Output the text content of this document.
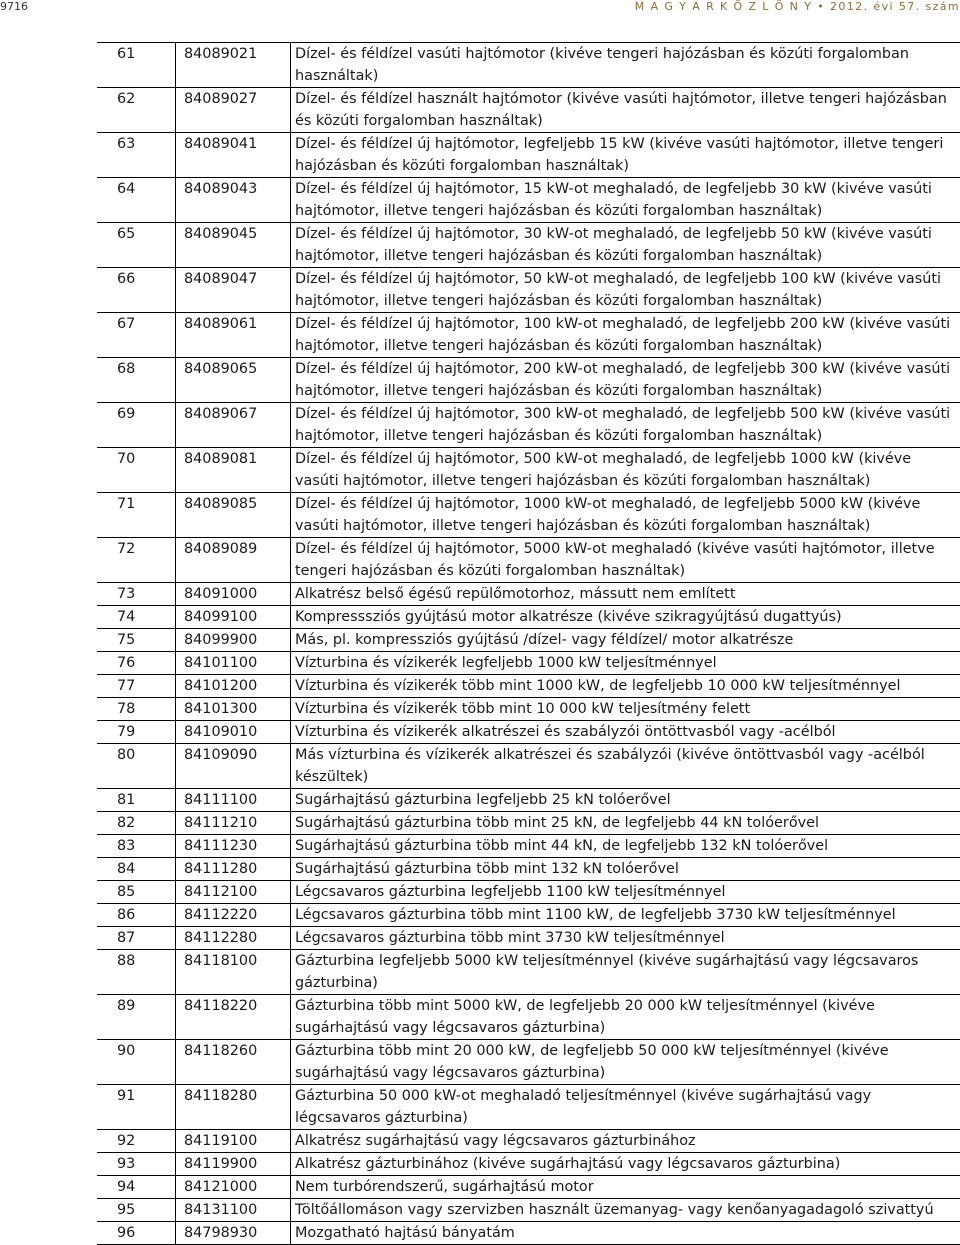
9716	M A G Y A R K Ö Z L Ö N Y • 2012. évi 57. szám
61	84089021	Dízel- és féldízel vasúti hajtómotor (kivéve tengeri hajózásban és közúti forgalomban használtak)
62	84089027	Dízel- és féldízel használt hajtómotor (kivéve vasúti hajtómotor, illetve tengeri hajózásban és közúti forgalomban használtak)
63	84089041	Dízel- és féldízel új hajtómotor, legfeljebb 15 kW (kivéve vasúti hajtómotor, illetve tengeri hajózásban és közúti forgalomban használtak)
64	84089043	Dízel- és féldízel új hajtómotor, 15 kW-ot meghaladó, de legfeljebb 30 kW (kivéve vasúti hajtómotor, illetve tengeri hajózásban és közúti forgalomban használtak)
65	84089045	Dízel- és féldízel új hajtómotor, 30 kW-ot meghaladó, de legfeljebb 50 kW (kivéve vasúti hajtómotor, illetve tengeri hajózásban és közúti forgalomban használtak)
66	84089047	Dízel- és féldízel új hajtómotor, 50 kW-ot meghaladó, de legfeljebb 100 kW (kivéve vasúti hajtómotor, illetve tengeri hajózásban és közúti forgalomban használtak)
67	84089061	Dízel- és féldízel új hajtómotor, 100 kW-ot meghaladó, de legfeljebb 200 kW (kivéve vasúti hajtómotor, illetve tengeri hajózásban és közúti forgalomban használtak)
68	84089065	Dízel- és féldízel új hajtómotor, 200 kW-ot meghaladó, de legfeljebb 300 kW (kivéve vasúti hajtómotor, illetve tengeri hajózásban és közúti forgalomban használtak)
69	84089067	Dízel- és féldízel új hajtómotor, 300 kW-ot meghaladó, de legfeljebb 500 kW (kivéve vasúti hajtómotor, illetve tengeri hajózásban és közúti forgalomban használtak)
70	84089081	Dízel- és féldízel új hajtómotor, 500 kW-ot meghaladó, de legfeljebb 1000 kW (kivéve vasúti hajtómotor, illetve tengeri hajózásban és közúti forgalomban használtak)
71	84089085	Dízel- és féldízel új hajtómotor, 1000 kW-ot meghaladó, de legfeljebb 5000 kW (kivéve vasúti hajtómotor, illetve tengeri hajózásban és közúti forgalomban használtak)
72	84089089	Dízel- és féldízel új hajtómotor, 5000 kW-ot meghaladó (kivéve vasúti hajtómotor, illetve tengeri hajózásban és közúti forgalomban használtak)
73	84091000	Alkatrész belső égésű repülőmotorhoz, mássutt nem említett
74	84099100	Kompresssziós gyújtású motor alkatrésze (kivéve szikragyújtású dugattyús)
75	84099900	Más, pl. kompressziós gyújtású /dízel- vagy féldízel/ motor alkatrésze
76	84101100	Vízturbina és vízikerék legfeljebb 1000 kW teljesítménnyel
77	84101200	Vízturbina és vízikerék több mint 1000 kW, de legfeljebb 10 000 kW teljesítménnyel
78	84101300	Vízturbina és vízikerék több mint 10 000 kW teljesítmény felett
79	84109010	Vízturbina és vízikerék alkatrészei és szabályzói öntöttvasból vagy -acélból
80	84109090	Más vízturbina és vízikerék alkatrészei és szabályzói (kivéve öntöttvasból vagy -acélból készültek)
81	84111100	Sugárhajtású gázturbina legfeljebb 25 kN tolóerővel
82	84111210	Sugárhajtású gázturbina több mint 25 kN, de legfeljebb 44 kN tolóerővel
83	84111230	Sugárhajtású gázturbina több mint 44 kN, de legfeljebb 132 kN tolóerővel
84	84111280	Sugárhajtású gázturbina több mint 132 kN tolóerővel
85	84112100	Légcsavaros gázturbina legfeljebb 1100 kW teljesítménnyel
86	84112220	Légcsavaros gázturbina több mint 1100 kW, de legfeljebb 3730 kW teljesítménnyel
87	84112280	Légcsavaros gázturbina több mint 3730 kW teljesítménnyel
88	84118100	Gázturbina legfeljebb 5000 kW teljesítménnyel (kivéve sugárhajtású vagy légcsavaros gázturbina)
89	84118220	Gázturbina több mint 5000 kW, de legfeljebb 20 000 kW teljesítménnyel (kivéve sugárhajtású vagy légcsavaros gázturbina)
90	84118260	Gázturbina több mint 20 000 kW, de legfeljebb 50 000 kW teljesítménnyel (kivéve sugárhajtású vagy légcsavaros gázturbina)
91	84118280	Gázturbina 50 000 kW-ot meghaladó teljesítménnyel (kivéve sugárhajtású vagy légcsavaros gázturbina)
92	84119100	Alkatrész sugárhajtású vagy légcsavaros gázturbinához
93	84119900	Alkatrész gázturbinához (kivéve sugárhajtású vagy légcsavaros gázturbina)
94	84121000	Nem turbórendszerű, sugárhajtású motor
95	84131100	Töltőállomáson vagy szervizben használt üzemanyag- vagy kenőanyagadagoló szivattyú
96	84798930	Mozgatható hajtású bányatám
